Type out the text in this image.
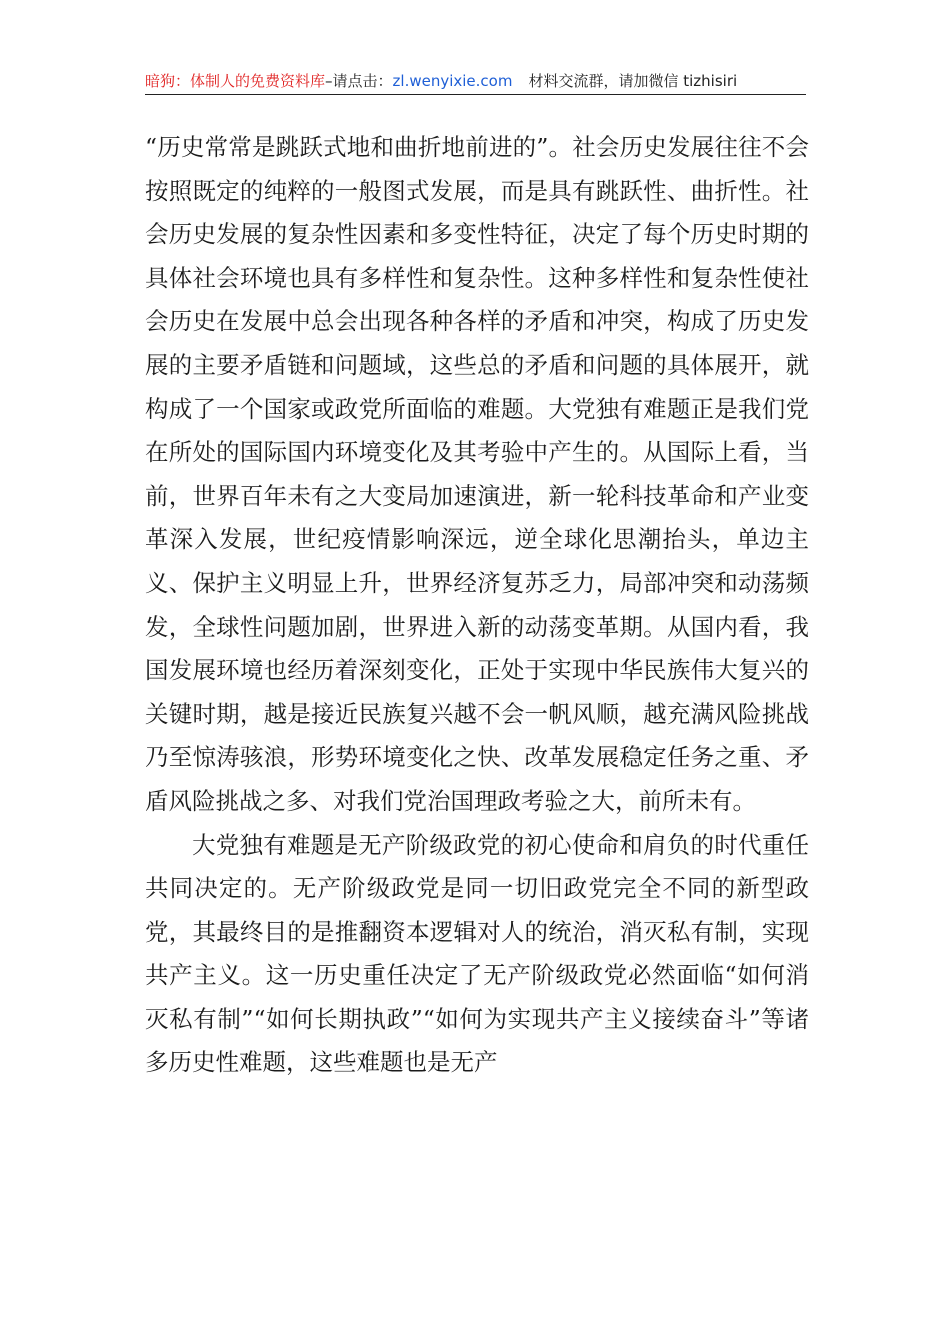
暗狗：体制人的免费资料库–请点击：zl.wenyixie.com 材料交流群，请加微信 tizhisiri

“历史常常是跳跃式地和曲折地前进的”。社会历史发展往往不会按照既定的纯粹的一般图式发展，而是具有跳跃性、曲折性。社会历史发展的复杂性因素和多变性特征，决定了每个历史时期的具体社会环境也具有多样性和复杂性。这种多样性和复杂性使社会历史在发展中总会出现各种各样的矛盾和冲突，构成了历史发展的主要矛盾链和问题域，这些总的矛盾和问题的具体展开，就构成了一个国家或政党所面临的难题。大党独有难题正是我们党在所处的国际国内环境变化及其考验中产生的。从国际上看，当前，世界百年未有之大变局加速演进，新一轮科技革命和产业变革深入发展，世纪疫情影响深远，逆全球化思潮抬头，单边主义、保护主义明显上升，世界经济复苏乏力，局部冲突和动荡频发，全球性问题加剧，世界进入新的动荡变革期。从国内看，我国发展环境也经历着深刻变化，正处于实现中华民族伟大复兴的关键时期，越是接近民族复兴越不会一帆风顺，越充满风险挑战乃至惊涛骇浪，形势环境变化之快、改革发展稳定任务之重、矛盾风险挑战之多、对我们党治国理政考验之大，前所未有。

大党独有难题是无产阶级政党的初心使命和肩负的时代重任共同决定的。无产阶级政党是同一切旧政党完全不同的新型政党，其最终目的是推翻资本逻辑对人的统治，消灭私有制，实现共产主义。这一历史重任决定了无产阶级政党必然面临“如何消灭私有制”“如何长期执政”“如何为实现共产主义接续奋斗”等诸多历史性难题，这些难题也是无产
